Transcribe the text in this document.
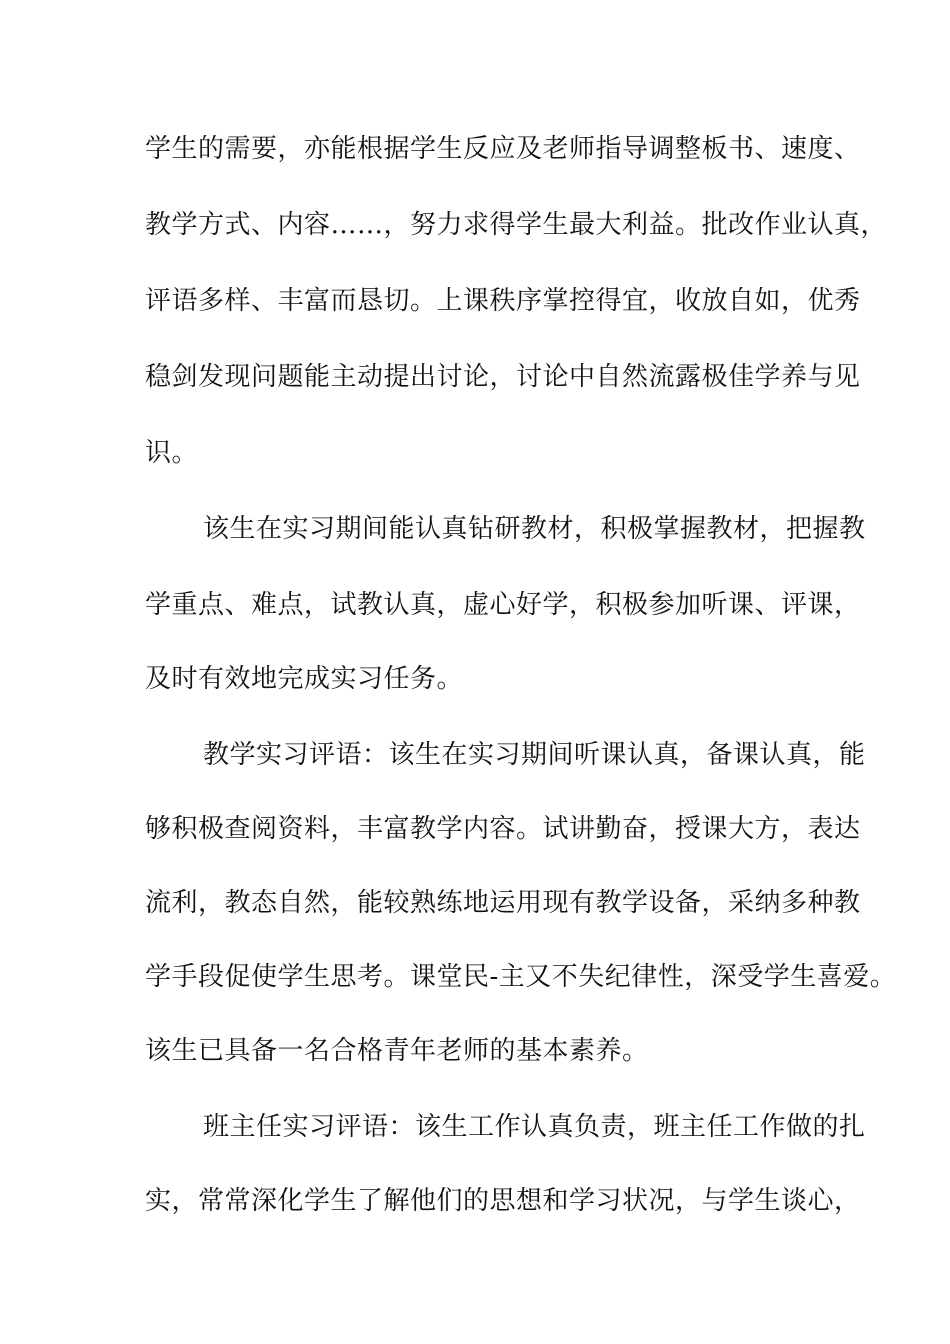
学生的需要，亦能根据学生反应及老师指导调整板书、速度、
教学方式、内容……，努力求得学生最大利益。批改作业认真，
评语多样、丰富而恳切。上课秩序掌控得宜，收放自如，优秀
稳剑发现问题能主动提出讨论，讨论中自然流露极佳学养与见
识。
该生在实习期间能认真钻研教材，积极掌握教材，把握教
学重点、难点，试教认真，虚心好学，积极参加听课、评课，
及时有效地完成实习任务。
教学实习评语：该生在实习期间听课认真，备课认真，能
够积极查阅资料，丰富教学内容。试讲勤奋，授课大方，表达
流利，教态自然，能较熟练地运用现有教学设备，采纳多种教
学手段促使学生思考。课堂民-主又不失纪律性，深受学生喜爱。
该生已具备一名合格青年老师的基本素养。
班主任实习评语：该生工作认真负责，班主任工作做的扎
实，常常深化学生了解他们的思想和学习状况，与学生谈心，
